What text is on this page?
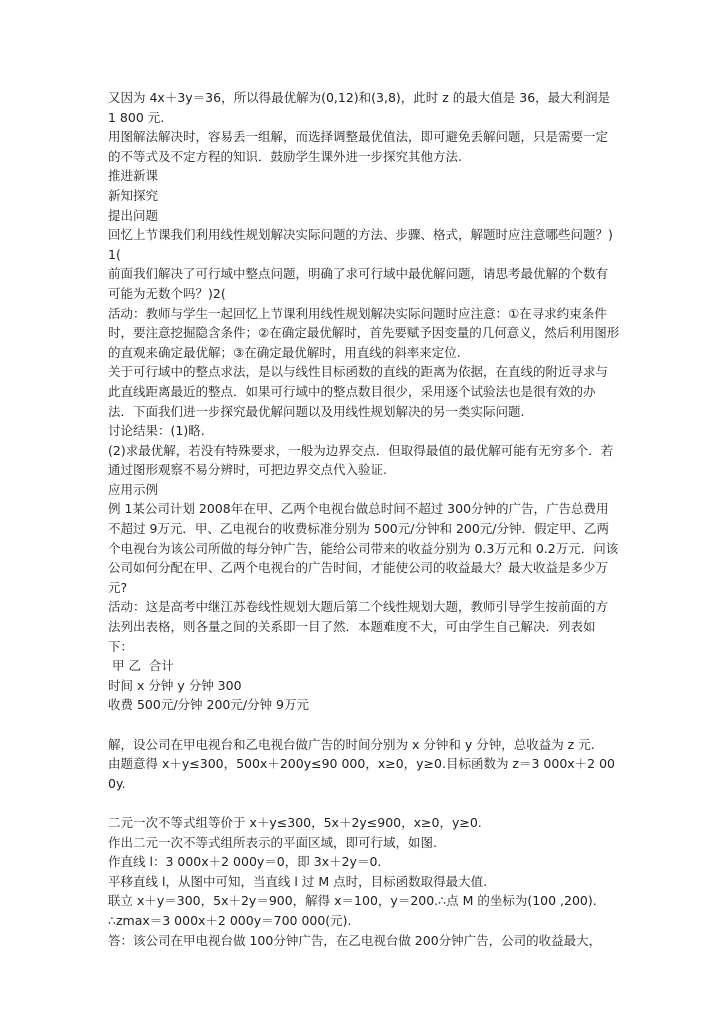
又因为 4x＋3y＝36，所以得最优解为(0,12)和(3,8)，此时 z 的最大值是 36，最大利润是 1 800 元.

用图解法解决时，容易丢一组解，而选择调整最优值法，即可避免丢解问题，只是需要一定的不等式及不定方程的知识．鼓励学生课外进一步探究其他方法.

推进新课

新知探究

提出问题

回忆上节课我们利用线性规划解决实际问题的方法、步骤、格式，解题时应注意哪些问题？)1(

前面我们解决了可行域中整点问题，明确了求可行域中最优解问题，请思考最优解的个数有可能为无数个吗？)2(

活动：教师与学生一起回忆上节课利用线性规划解决实际问题时应注意：①在寻求约束条件时，要注意挖掘隐含条件；②在确定最优解时，首先要赋予因变量的几何意义，然后利用图形的直观来确定最优解；③在确定最优解时，用直线的斜率来定位.

关于可行域中的整点求法，是以与线性目标函数的直线的距离为依据，在直线的附近寻求与此直线距离最近的整点．如果可行域中的整点数目很少，采用逐个试验法也是很有效的办法．下面我们进一步探究最优解问题以及用线性规划解决的另一类实际问题.

讨论结果：(1)略.

(2)求最优解，若没有特殊要求，一般为边界交点．但取得最值的最优解可能有无穷多个．若通过图形观察不易分辨时，可把边界交点代入验证.

应用示例

例 1某公司计划 2008年在甲、乙两个电视台做总时间不超过 300分钟的广告，广告总费用不超过 9万元．甲、乙电视台的收费标准分别为 500元/分钟和 200元/分钟．假定甲、乙两个电视台为该公司所做的每分钟广告，能给公司带来的收益分别为 0.3万元和 0.2万元．问该公司如何分配在甲、乙两个电视台的广告时间，才能使公司的收益最大？最大收益是多少万元?

活动：这是高考中继江苏卷线性规划大题后第二个线性规划大题，教师引导学生按前面的方法列出表格，则各量之间的关系即一目了然．本题难度不大，可由学生自己解决．列表如下：

甲 乙  合计

时间 x 分钟 y 分钟 300

收费 500元/分钟 200元/分钟 9万元

解，设公司在甲电视台和乙电视台做广告的时间分别为 x 分钟和 y 分钟，总收益为 z 元.

由题意得 x＋y≤300，500x＋200y≤90 000，x≥0，y≥0.目标函数为 z＝3 000x＋2 000y.

二元一次不等式组等价于 x＋y≤300，5x＋2y≤900，x≥0，y≥0.

作出二元一次不等式组所表示的平面区域，即可行域，如图.

作直线 l：3 000x＋2 000y＝0，即 3x＋2y＝0.

平移直线 l，从图中可知，当直线 l 过 M 点时，目标函数取得最大值.

联立 x＋y＝300，5x＋2y＝900，解得 x＝100，y＝200.∴点 M 的坐标为(100 ,200).

∴zmax＝3 000x＋2 000y＝700 000(元).

答：该公司在甲电视台做 100分钟广告，在乙电视台做 200分钟广告，公司的收益最大，
